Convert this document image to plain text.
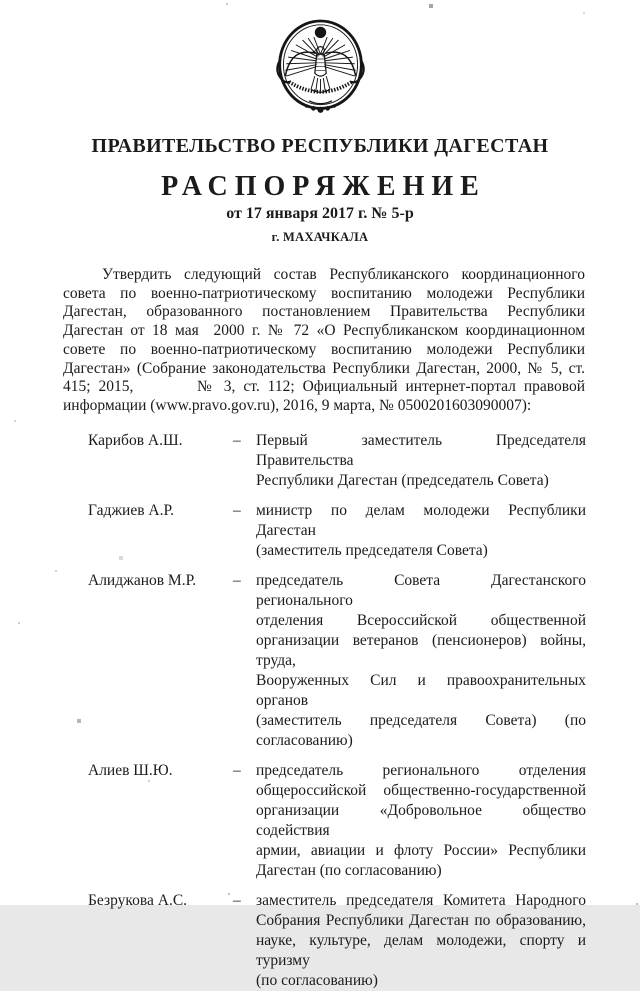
ПРАВИТЕЛЬСТВО РЕСПУБЛИКИ ДАГЕСТАН
РАСПОРЯЖЕНИЕ
от 17 января 2017 г. № 5-р
г. МАХАЧКАЛА
Утвердить следующий состав Республиканского координационного
совета по военно-патриотическому воспитанию молодежи Республики
Дагестан, образованного постановлением Правительства Республики
Дагестан от 18 мая  2000 г. № 72 «О Республиканском координационном
совете по военно-патриотическому воспитанию молодежи Республики
Дагестан» (Собрание законодательства Республики Дагестан, 2000, № 5, ст.
415; 2015,        № 3, ст. 112; Официальный интернет-портал правовой
информации (www.pravo.gov.ru), 2016, 9 марта, № 0500201603090007):
Карибов А.Ш.	– Первый заместитель Председателя Правительства
Республики Дагестан (председатель Совета)
Гаджиев А.Р.	– министр по делам молодежи Республики Дагестан
(заместитель председателя Совета)
Алиджанов М.Р.	– председатель Совета Дагестанского регионального
отделения Всероссийской общественной
организации ветеранов (пенсионеров) войны, труда,
Вооруженных Сил и правоохранительных органов
(заместитель председателя Совета) (по
согласованию)
Алиев Ш.Ю.	– председатель регионального отделения
общероссийской общественно-государственной
организации «Добровольное общество содействия
армии, авиации и флоту России» Республики
Дагестан (по согласованию)
Безрукова А.С.	– заместитель председателя Комитета Народного
Собрания Республики Дагестан по образованию,
науке, культуре, делам молодежи, спорту и туризму
(по согласованию)
